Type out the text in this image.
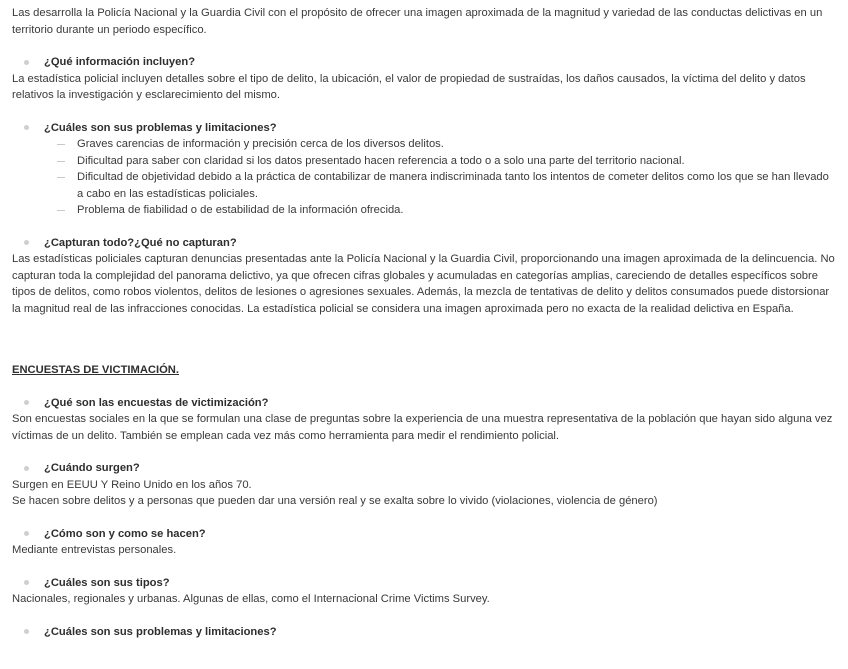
Las desarrolla la Policía Nacional y la Guardia Civil con el propósito de ofrecer una imagen aproximada de la magnitud y variedad de las conductas delictivas en un territorio durante un periodo específico.

¿Qué información incluyen?

La estadística policial incluyen detalles sobre el tipo de delito, la ubicación, el valor de propiedad de sustraídas, los daños causados, la víctima del delito y datos relativos la investigación y esclarecimiento del mismo.

¿Cuáles son sus problemas y limitaciones?
Graves carencias de información y precisión cerca de los diversos delitos.
Dificultad para saber con claridad si los datos presentado hacen referencia a todo o a solo una parte del territorio nacional.
Dificultad de objetividad debido a la práctica de contabilizar de manera indiscriminada tanto los intentos de cometer delitos como los que se han llevado a cabo en las estadísticas policiales.
Problema de fiabilidad o de estabilidad de la información ofrecida.
¿Capturan todo?¿Qué no capturan?

Las estadísticas policiales capturan denuncias presentadas ante la Policía Nacional y la Guardia Civil, proporcionando una imagen aproximada de la delincuencia. No capturan toda la complejidad del panorama delictivo, ya que ofrecen cifras globales y acumuladas en categorías amplias, careciendo de detalles específicos sobre tipos de delitos, como robos violentos, delitos de lesiones o agresiones sexuales. Además, la mezcla de tentativas de delito y delitos consumados puede distorsionar la magnitud real de las infracciones conocidas. La estadística policial se considera una imagen aproximada pero no exacta de la realidad delictiva en España.

ENCUESTAS DE VICTIMACIÓN.

¿Qué son las encuestas de victimización?

Son encuestas sociales en la que se formulan una clase de preguntas sobre la experiencia de una muestra representativa de la población que hayan sido alguna vez víctimas de un delito. También se emplean cada vez más como herramienta para medir el rendimiento policial.

¿Cuándo surgen?

Surgen en EEUU Y Reino Unido en los años 70.

Se hacen sobre delitos y a personas que pueden dar una versión real y se exalta sobre lo vivido (violaciones, violencia de género)

¿Cómo son y como se hacen?

Mediante entrevistas personales.

¿Cuáles son sus tipos?

Nacionales, regionales y urbanas. Algunas de ellas, como el Internacional Crime Victims Survey.

¿Cuáles son sus problemas y limitaciones?
